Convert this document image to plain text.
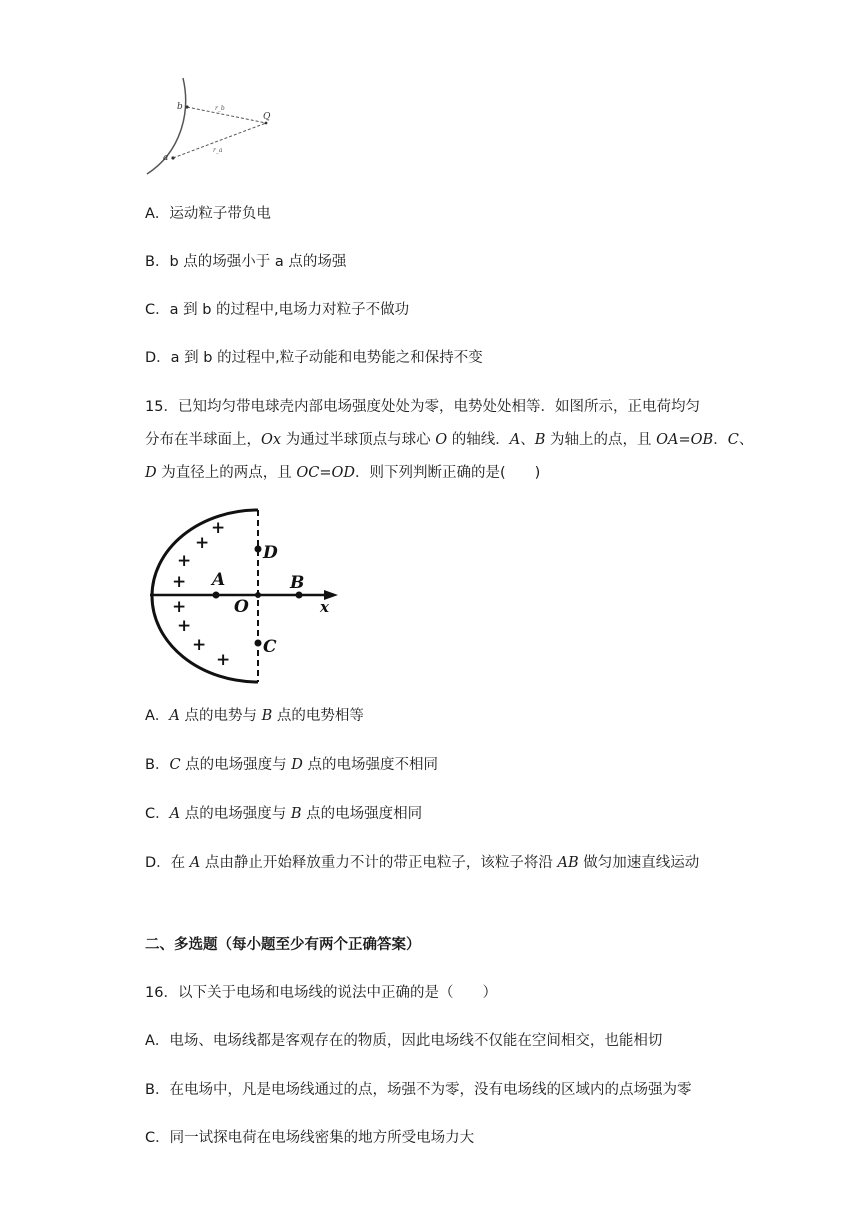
b
a
Q
r_b
r_a
A．运动粒子带负电
B．b 点的场强小于 a 点的场强
C．a 到 b 的过程中,电场力对粒子不做功
D．a 到 b 的过程中,粒子动能和电势能之和保持不变
15．已知均匀带电球壳内部电场强度处处为零，电势处处相等．如图所示，正电荷均匀
分布在半球面上，Ox 为通过半球顶点与球心 O 的轴线．A、B 为轴上的点，且 OA=OB．C、
D 为直径上的两点，且 OC=OD．则下列判断正确的是(　　)
A
O
B
D
C
x
+
+
+
+
+
+
+
+
A．A 点的电势与 B 点的电势相等
B．C 点的电场强度与 D 点的电场强度不相同
C．A 点的电场强度与 B 点的电场强度相同
D．在 A 点由静止开始释放重力不计的带正电粒子，该粒子将沿 AB 做匀加速直线运动
二、多选题（每小题至少有两个正确答案）
16．以下关于电场和电场线的说法中正确的是（　　）
A．电场、电场线都是客观存在的物质，因此电场线不仅能在空间相交，也能相切
B．在电场中，凡是电场线通过的点，场强不为零，没有电场线的区域内的点场强为零
C．同一试探电荷在电场线密集的地方所受电场力大
